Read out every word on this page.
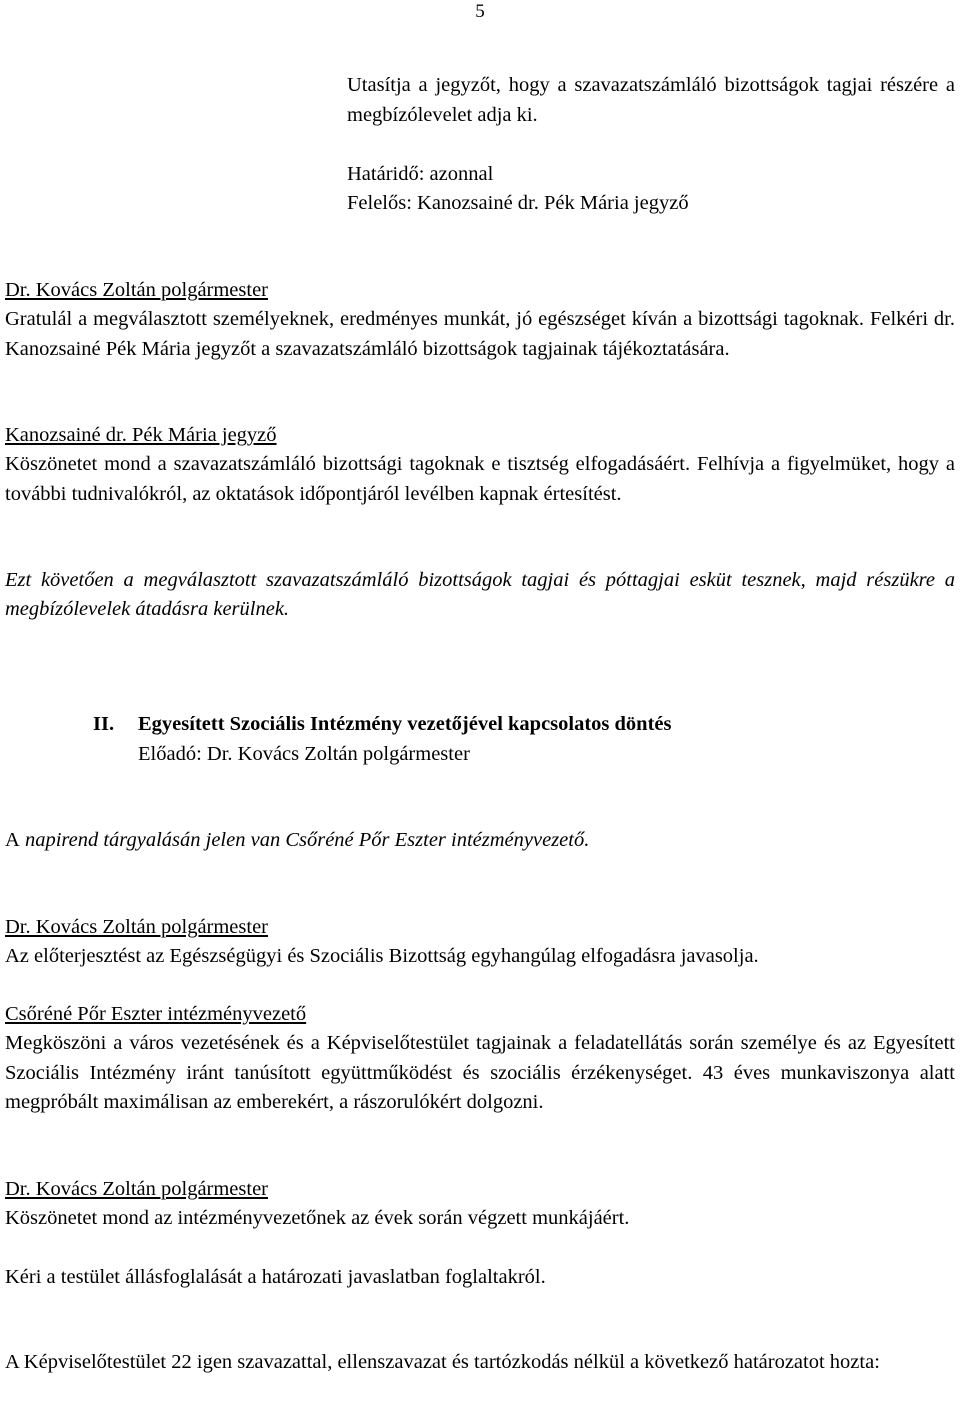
5
Utasítja a jegyzőt, hogy a szavazatszámláló bizottságok tagjai részére a megbízólevelet adja ki.
Határidő: azonnal
Felelős: Kanozsainé dr. Pék Mária jegyző
Dr. Kovács Zoltán polgármester
Gratulál a megválasztott személyeknek, eredményes munkát, jó egészséget kíván a bizottsági tagoknak. Felkéri dr. Kanozsainé Pék Mária jegyzőt a szavazatszámláló bizottságok tagjainak tájékoztatására.
Kanozsainé dr. Pék Mária jegyző
Köszönetet mond a szavazatszámláló bizottsági tagoknak e tisztség elfogadásáért. Felhívja a figyelmüket, hogy a további tudnivalókról, az oktatások időpontjáról levélben kapnak értesítést.
Ezt követően a megválasztott szavazatszámláló bizottságok tagjai és póttagjai esküt tesznek, majd részükre a megbízólevelek átadásra kerülnek.
II. Egyesített Szociális Intézmény vezetőjével kapcsolatos döntés
Előadó: Dr. Kovács Zoltán polgármester
A napirend tárgyalásán jelen van Csőréné Pőr Eszter intézményvezető.
Dr. Kovács Zoltán polgármester
Az előterjesztést az Egészségügyi és Szociális Bizottság egyhangúlag elfogadásra javasolja.
Csőréné Pőr Eszter intézményvezető
Megköszöni a város vezetésének és a Képviselőtestület tagjainak a feladatellátás során személye és az Egyesített Szociális Intézmény iránt tanúsított együttműködést és szociális érzékenységet. 43 éves munkaviszonya alatt megpróbált maximálisan az emberekért, a rászorulókért dolgozni.
Dr. Kovács Zoltán polgármester
Köszönetet mond az intézményvezetőnek az évek során végzett munkájáért.
Kéri a testület állásfoglalását a határozati javaslatban foglaltakról.
A Képviselőtestület 22 igen szavazattal, ellenszavazat és tartózkodás nélkül a következő határozatot hozta:
